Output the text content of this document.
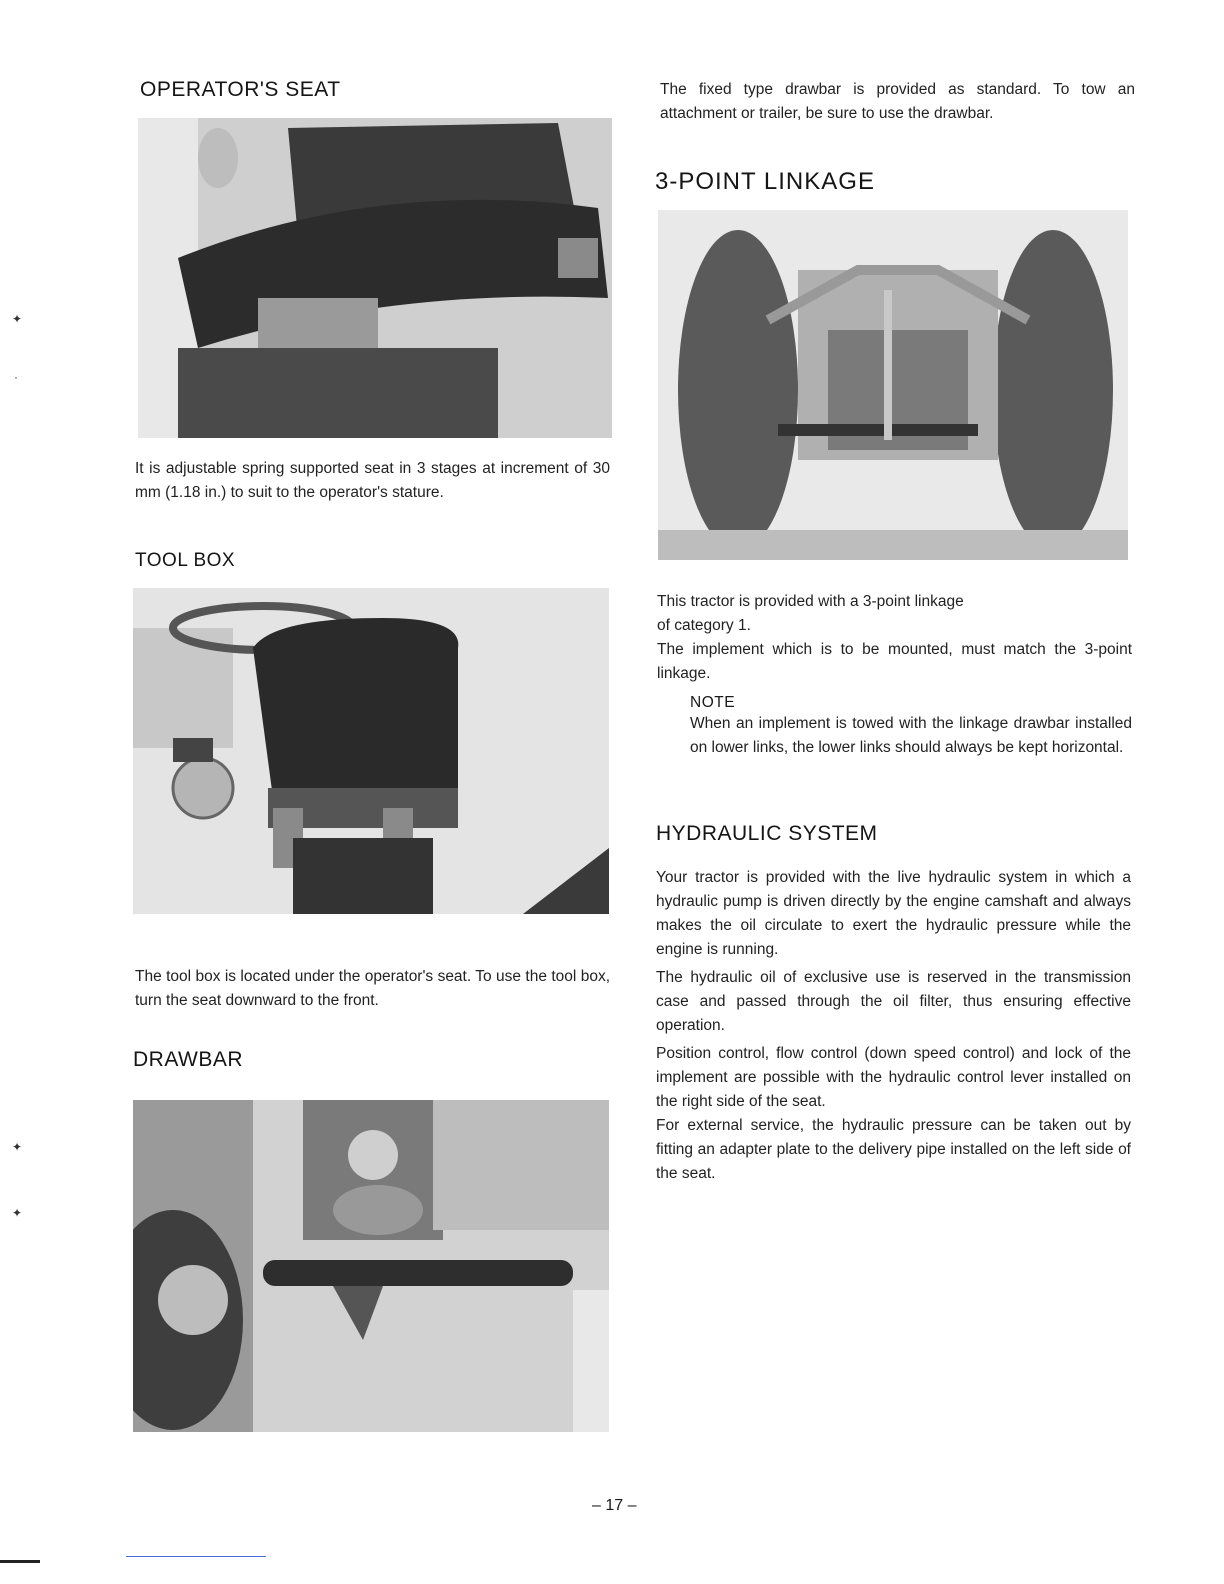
OPERATOR'S SEAT

It is adjustable spring supported seat in 3 stages at increment of 30 mm (1.18 in.) to suit to the operator's stature.

TOOL BOX

The tool box is located under the operator's seat. To use the tool box, turn the seat downward to the front.

DRAWBAR

The fixed type drawbar is provided as standard. To tow an attachment or trailer, be sure to use the drawbar.

3-POINT LINKAGE
This tractor is provided with a 3-point linkage
of category 1.
The implement which is to be mounted, must match the 3-point linkage.
NOTE

When an implement is towed with the linkage drawbar installed on lower links, the lower links should always be kept horizontal.

HYDRAULIC SYSTEM

Your tractor is provided with the live hydraulic system in which a hydraulic pump is driven directly by the engine camshaft and always makes the oil circulate to exert the hydraulic pressure while the engine is running.

The hydraulic oil of exclusive use is reserved in the transmission case and passed through the oil filter, thus ensuring effective operation.

Position control, flow control (down speed control) and lock of the implement are possible with the hydraulic control lever installed on the right side of the seat.

For external service, the hydraulic pressure can be taken out by fitting an adapter plate to the delivery pipe installed on the left side of the seat.

– 17 –
✦
·
✦
✦
